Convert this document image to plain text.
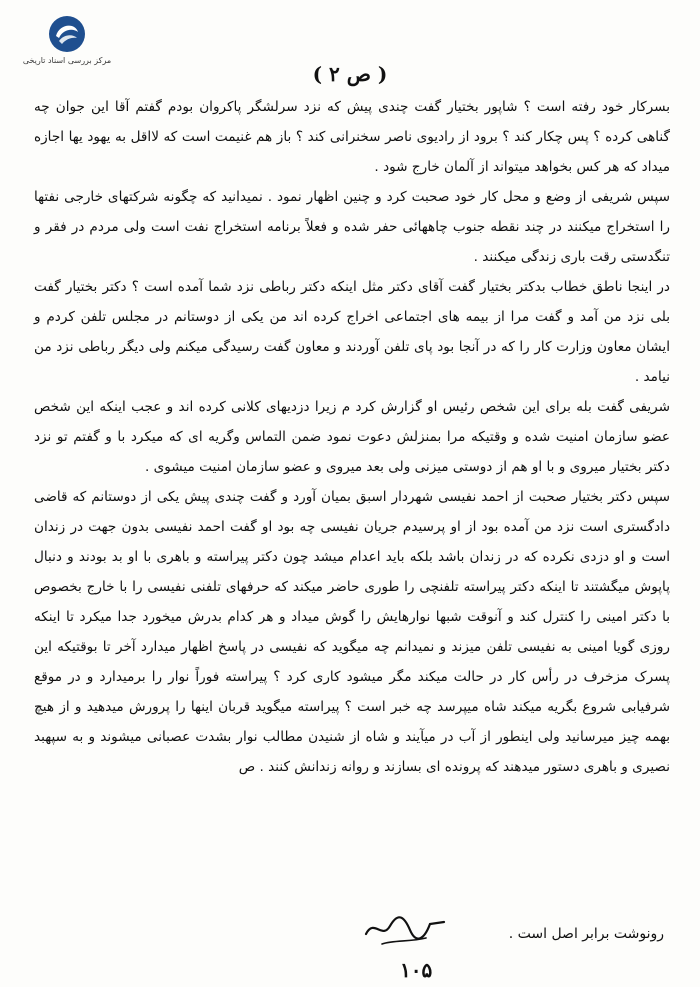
مرکز بررسی اسناد تاریخی
( ص ٢ )

بسرکار خود رفته است ؟ شاپور بختیار گفت چندی پیش که نزد سرلشگر پاکروان بودم گفتم آقا این جوان چه گناهی کرده ؟ پس چکار کند ؟ برود از رادیوی ناصر سخنرانی کند ؟ باز هم غنیمت است که لااقل به یهود یها اجازه میداد که هر کس بخواهد میتواند از آلمان خارج شود .

سپس شریفی از وضع و محل کار خود صحبت کرد و چنین اظهار نمود . نمیدانید که چگونه شرکتهای خارجی نفتها را استخراج میکنند در چند نقطه جنوب چاههائی حفر شده و فعلاً برنامه استخراج نفت است ولی مردم در فقر و تنگدستی رقت باری زندگی میکنند .

در اینجا ناطق خطاب بدکتر بختیار گفت آقای دکتر مثل اینکه دکتر رباطی نزد شما آمده است ؟ دکتر بختیار گفت بلی نزد من آمد و گفت مرا از بیمه های اجتماعی اخراج کرده اند من یکی از دوستانم در مجلس تلفن کردم و ایشان معاون وزارت کار را که در آنجا بود پای تلفن آوردند و معاون گفت رسیدگی میکنم ولی دیگر رباطی نزد من نیامد .

شریفی گفت بله برای این شخص رئیس او گزارش کرد م زیرا دزدیهای کلانی کرده اند و عجب اینکه این شخص عضو سازمان امنیت شده و وقتیکه مرا بمنزلش دعوت نمود ضمن التماس وگریه ای که میکرد با و گفتم تو نزد دکتر بختیار میروی و با او هم از دوستی میزنی ولی بعد میروی و عضو سازمان امنیت میشوی .

سپس دکتر بختیار صحبت از احمد نفیسی شهردار اسبق بمیان آورد و گفت چندی پیش یکی از دوستانم که قاضی دادگستری است نزد من آمده بود از او پرسیدم جریان نفیسی چه بود او گفت احمد نفیسی بدون جهت در زندان است و او دزدی نکرده که در زندان باشد بلکه باید اعدام میشد چون دکتر پیراسته و باهری با او بد بودند و دنبال پاپوش میگشتند تا اینکه دکتر پیراسته تلفنچی را طوری حاضر میکند که حرفهای تلفنی نفیسی را با خارج بخصوص با دکتر امینی را کنترل کند و آنوقت شبها نوارهایش را گوش میداد و هر کدام بدرش میخورد جدا میکرد تا اینکه روزی گویا امینی به نفیسی تلفن میزند و نمیدانم چه میگوید که نفیسی در پاسخ اظهار میدارد آخر تا بوقتیکه این پسرک مزخرف در رأس کار در حالت میکند مگر میشود کاری کرد ؟ پیراسته فوراً نوار را برمیدارد و در موقع شرفیابی شروع بگریه میکند شاه میپرسد چه خبر است ؟ پیراسته میگوید قربان اینها را پرورش میدهید و از هیچ بهمه چیز میرسانید ولی اینطور از آب در میآیند و شاه از شنیدن مطالب نوار بشدت عصبانی میشوند و به سپهبد نصیری و باهری دستور میدهند که پرونده ای بسازند و روانه زندانش کنند . ص

رونوشت برابر اصل است .
١٠۵
